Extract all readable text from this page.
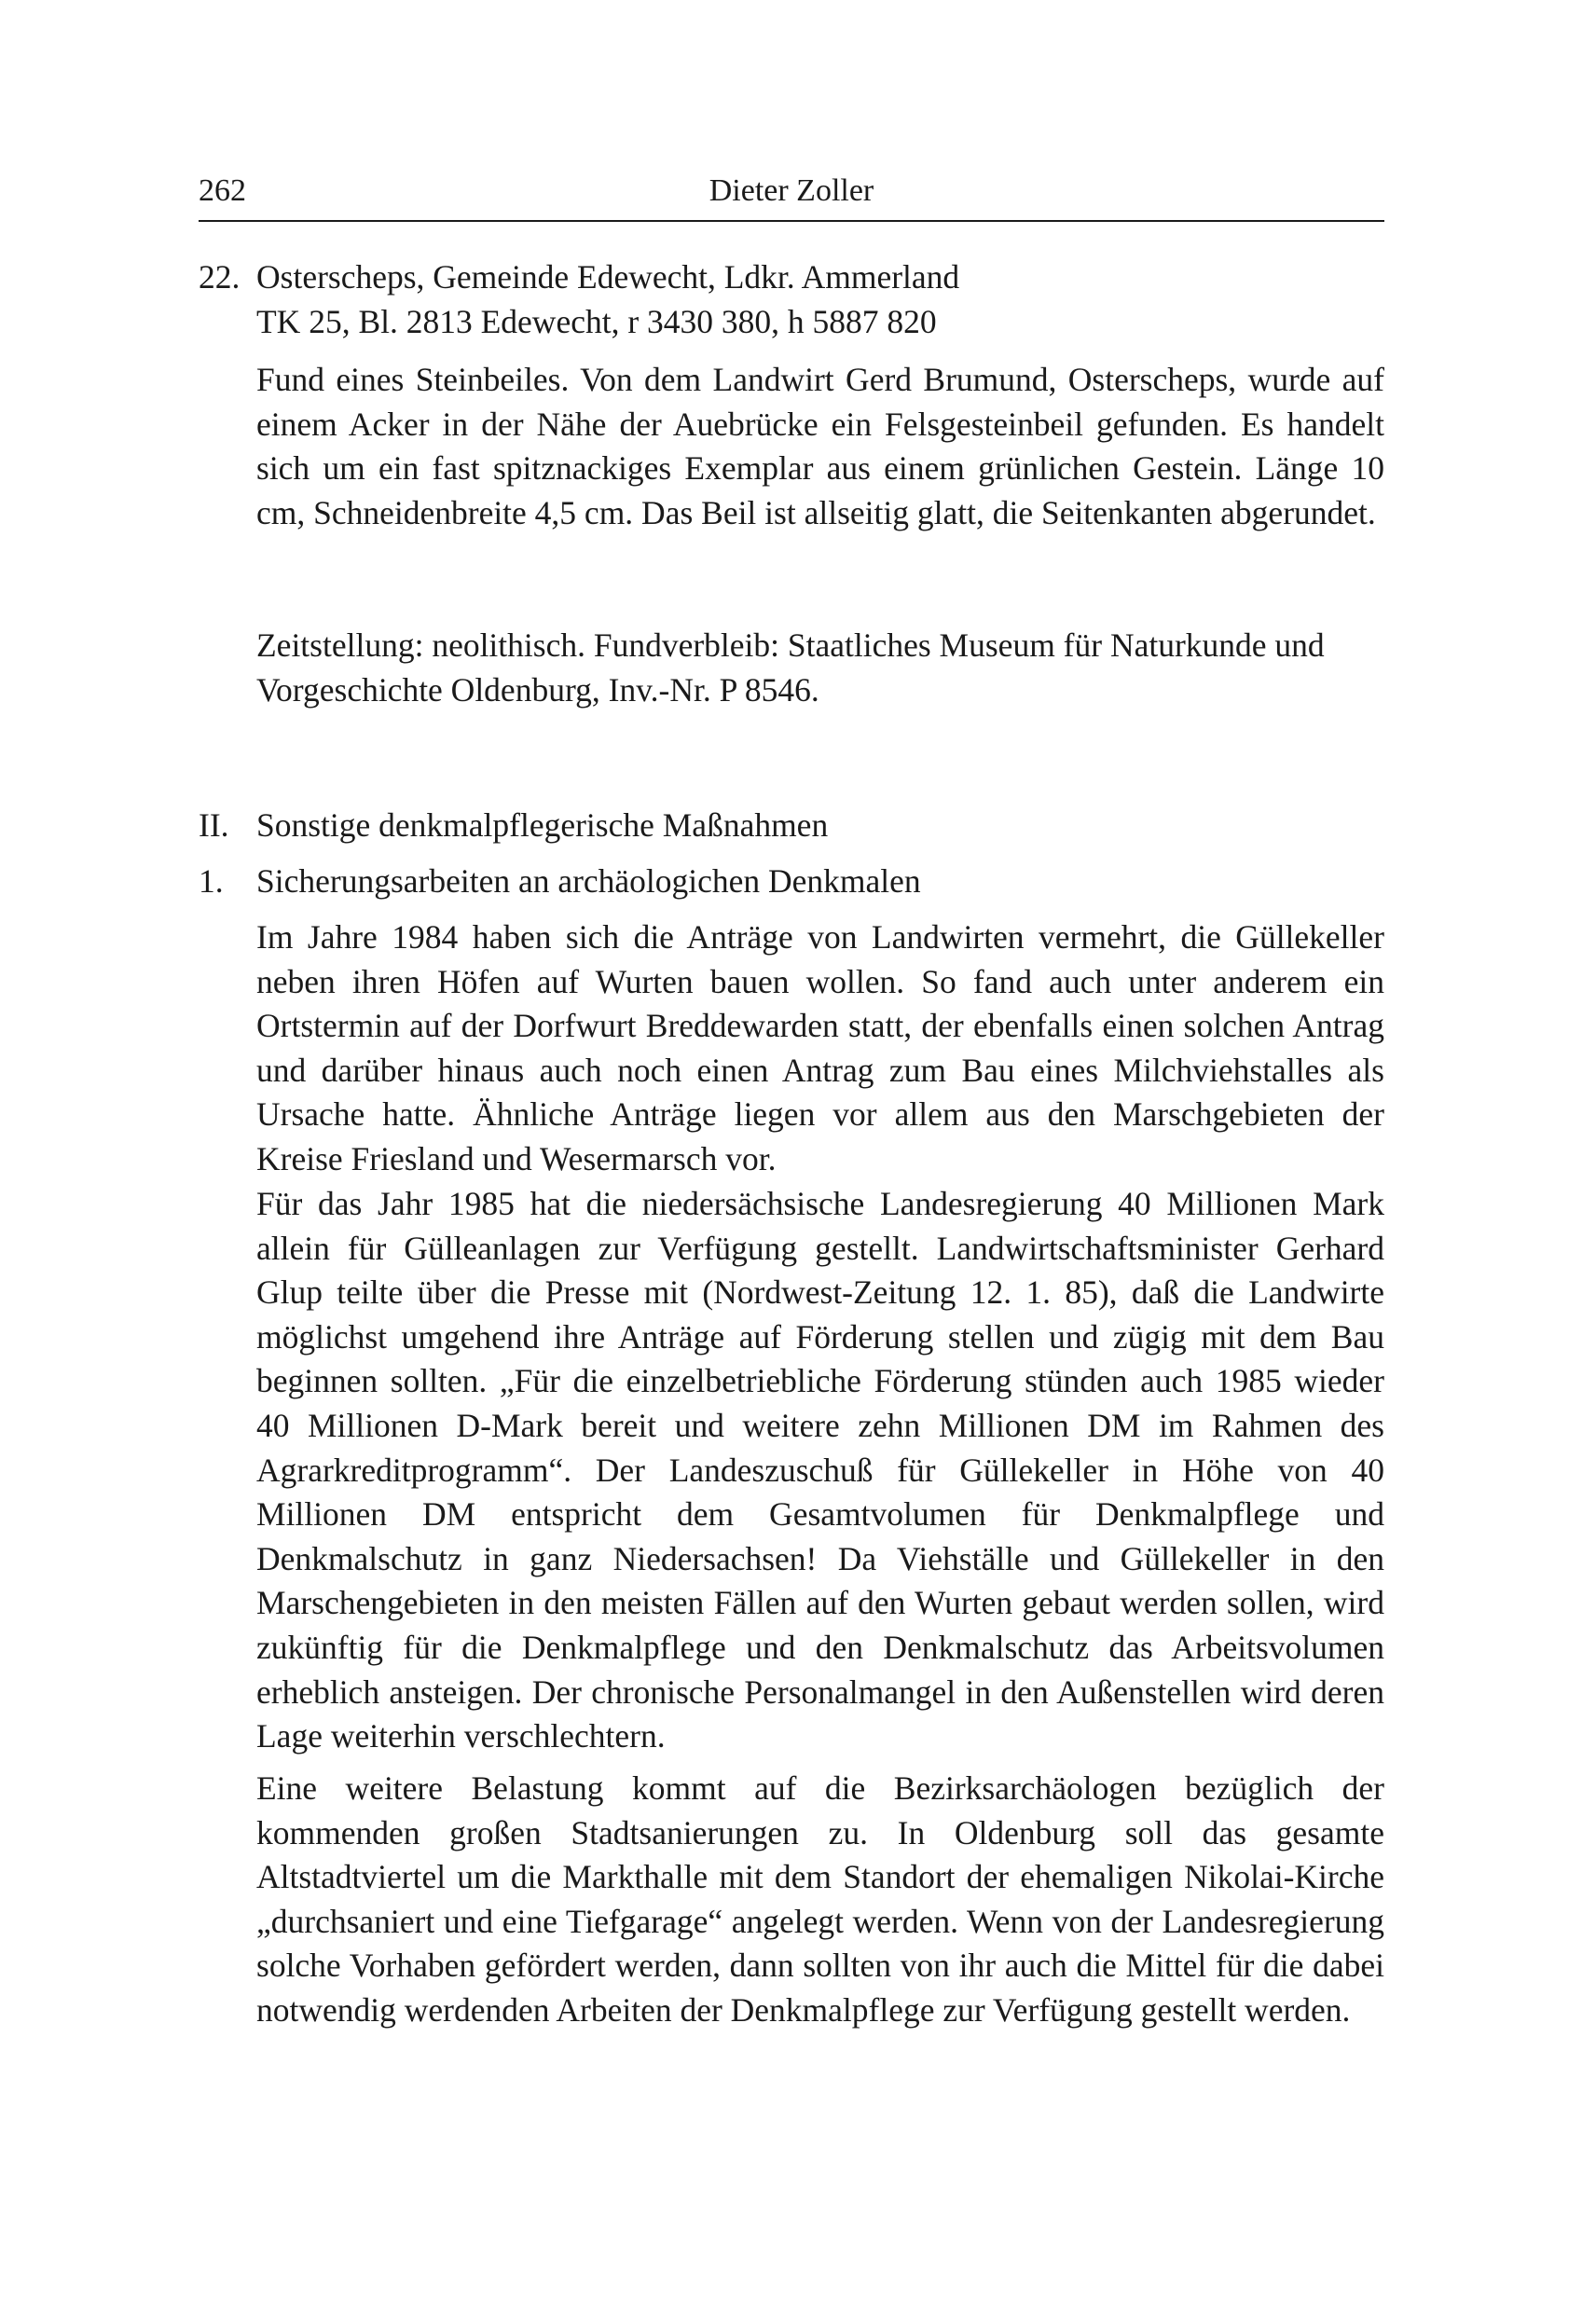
262	Dieter Zoller

22. Osterscheps, Gemeinde Edewecht, Ldkr. Ammerland
TK 25, Bl. 2813 Edewecht, r 3430 380, h 5887 820

Fund eines Steinbeiles. Von dem Landwirt Gerd Brumund, Osterscheps, wurde auf einem Acker in der Nähe der Auebrücke ein Felsgesteinbeil gefunden. Es handelt sich um ein fast spitznackiges Exemplar aus einem grünlichen Gestein. Länge 10 cm, Schneidenbreite 4,5 cm. Das Beil ist allseitig glatt, die Seitenkanten abgerundet.

Zeitstellung: neolithisch. Fundverbleib: Staatliches Museum für Naturkunde und Vorgeschichte Oldenburg, Inv.-Nr. P 8546.

II. Sonstige denkmalpflegerische Maßnahmen

1. Sicherungsarbeiten an archäologichen Denkmalen

Im Jahre 1984 haben sich die Anträge von Landwirten vermehrt, die Güllekeller neben ihren Höfen auf Wurten bauen wollen. So fand auch unter anderem ein Ortstermin auf der Dorfwurt Breddewarden statt, der ebenfalls einen solchen Antrag und darüber hinaus auch noch einen Antrag zum Bau eines Milchviehstalles als Ursache hatte. Ähnliche Anträge liegen vor allem aus den Marschgebieten der Kreise Friesland und Wesermarsch vor.

Für das Jahr 1985 hat die niedersächsische Landesregierung 40 Millionen Mark allein für Gülleanlagen zur Verfügung gestellt. Landwirtschaftsminister Gerhard Glup teilte über die Presse mit (Nordwest-Zeitung 12. 1. 85), daß die Landwirte möglichst umgehend ihre Anträge auf Förderung stellen und zügig mit dem Bau beginnen sollten. „Für die einzelbetriebliche Förderung stünden auch 1985 wieder 40 Millionen D-Mark bereit und weitere zehn Millionen DM im Rahmen des Agrarkreditprogramm“. Der Landeszuschuß für Güllekeller in Höhe von 40 Millionen DM entspricht dem Gesamtvolumen für Denkmalpflege und Denkmalschutz in ganz Niedersachsen! Da Viehställe und Güllekeller in den Marschengebieten in den meisten Fällen auf den Wurten gebaut werden sollen, wird zukünftig für die Denkmalpflege und den Denkmalschutz das Arbeitsvolumen erheblich ansteigen. Der chronische Personalmangel in den Außenstellen wird deren Lage weiterhin verschlechtern.

Eine weitere Belastung kommt auf die Bezirksarchäologen bezüglich der kommenden großen Stadtsanierungen zu. In Oldenburg soll das gesamte Altstadtviertel um die Markthalle mit dem Standort der ehemaligen Nikolai-Kirche „durchsaniert und eine Tiefgarage“ angelegt werden. Wenn von der Landesregierung solche Vorhaben gefördert werden, dann sollten von ihr auch die Mittel für die dabei notwendig werdenden Arbeiten der Denkmalpflege zur Verfügung gestellt werden.
